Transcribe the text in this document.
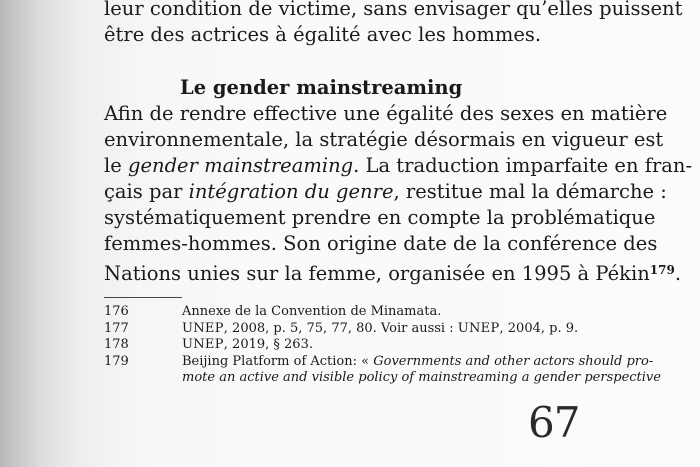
leur condition de victime, sans envisager qu’elles puissent
être des actrices à égalité avec les hommes.
Le gender mainstreaming
Afin de rendre effective une égalité des sexes en matière
environnementale, la stratégie désormais en vigueur est
le gender mainstreaming. La traduction imparfaite en fran-
çais par intégration du genre, restitue mal la démarche :
systématiquement prendre en compte la problématique
femmes-hommes. Son origine date de la conférence des
Nations unies sur la femme, organisée en 1995 à Pékin$^{179}$.
176	Annexe de la Convention de Minamata.
177	UNEP, 2008, p. 5, 75, 77, 80. Voir aussi : UNEP, 2004, p. 9.
178	UNEP, 2019, § 263.
179	Beijing Platform of Action: « Governments and other actors should pro-
mote an active and visible policy of mainstreaming a gender perspective
67
